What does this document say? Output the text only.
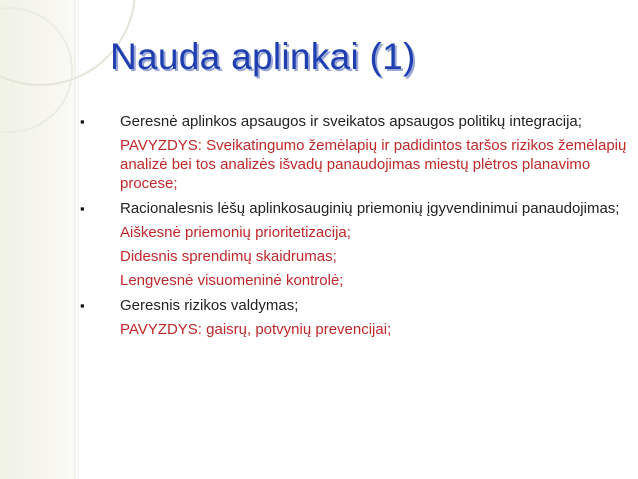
Nauda aplinkai (1)
▪ Geresnė aplinkos apsaugos ir sveikatos apsaugos politikų integracija;
PAVYZDYS: Sveikatingumo žemėlapių ir padidintos taršos rizikos žemėlapių analizė bei tos analizės išvadų panaudojimas miestų plėtros planavimo procese;
▪ Racionalesnis lėšų aplinkosauginių priemonių įgyvendinimui panaudojimas;
Aiškesnė priemonių prioritetizacija;
Didesnis sprendimų skaidrumas;
Lengvesnė visuomeninė kontrolė;
▪ Geresnis rizikos valdymas;
PAVYZDYS: gaisrų, potvynių prevencijai;
